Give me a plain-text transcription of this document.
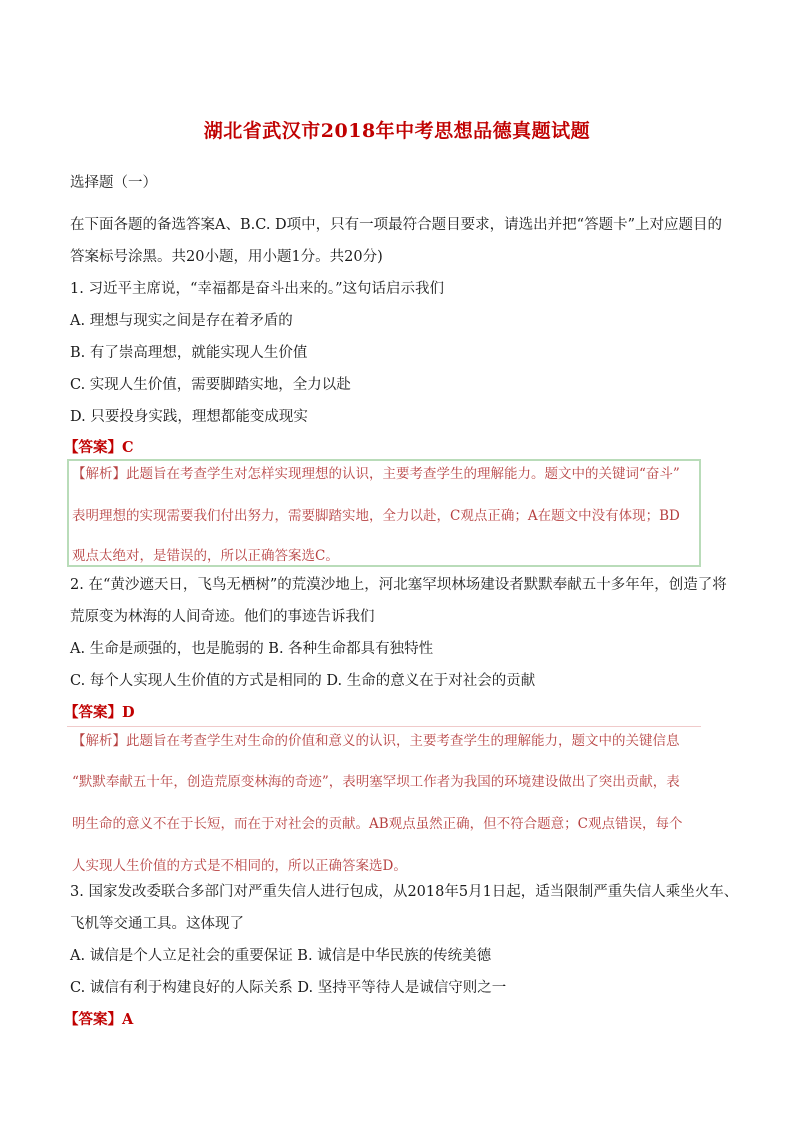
湖北省武汉市2018年中考思想品德真题试题
选择题（一）
在下面各题的备选答案A、B.C. D项中，只有一项最符合题目要求，请选出并把“答题卡”上对应题目的
答案标号涂黑。共20小题，用小题1分。共20分)
1. 习近平主席说，“幸福都是奋斗出来的。”这句话启示我们
A. 理想与现实之间是存在着矛盾的
B. 有了崇高理想，就能实现人生价值
C. 实现人生价值，需要脚踏实地，全力以赴
D. 只要投身实践，理想都能变成现实
【答案】C
【解析】此题旨在考查学生对怎样实现理想的认识，主要考查学生的理解能力。题文中的关键词“奋斗”
表明理想的实现需要我们付出努力，需要脚踏实地，全力以赴，C观点正确；A在题文中没有体现；BD
观点太绝对，是错误的，所以正确答案选C。
2. 在“黄沙遮天日，飞鸟无栖树”的荒漠沙地上，河北塞罕坝林场建设者默默奉献五十多年年，创造了将
荒原变为林海的人间奇迹。他们的事迹告诉我们
A. 生命是顽强的，也是脆弱的 B. 各种生命都具有独特性
C. 每个人实现人生价值的方式是相同的 D. 生命的意义在于对社会的贡献
【答案】D
【解析】此题旨在考查学生对生命的价值和意义的认识，主要考查学生的理解能力，题文中的关键信息
“默默奉献五十年，创造荒原变林海的奇迹”，表明塞罕坝工作者为我国的环境建设做出了突出贡献，表
明生命的意义不在于长短，而在于对社会的贡献。AB观点虽然正确，但不符合题意；C观点错误，每个
人实现人生价值的方式是不相同的，所以正确答案选D。
3. 国家发改委联合多部门对严重失信人进行包成，从2018年5月1日起，适当限制严重失信人乘坐火车、
飞机等交通工具。这体现了
A. 诚信是个人立足社会的重要保证 B. 诚信是中华民族的传统美德
C. 诚信有利于构建良好的人际关系 D. 坚持平等待人是诚信守则之一
【答案】A
